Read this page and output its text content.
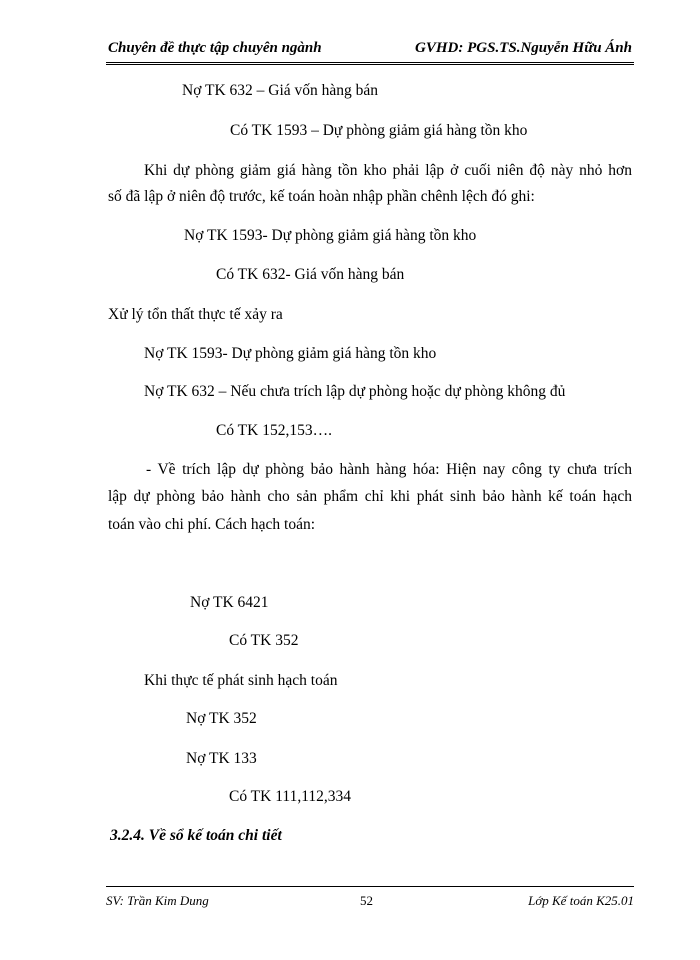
Chuyên đề thực tập chuyên ngành	GVHD: PGS.TS.Nguyễn Hữu Ánh
Nợ TK 632 – Giá vốn hàng bán
Có TK 1593 – Dự phòng giảm giá hàng tồn kho
Khi dự phòng giảm giá hàng tồn kho phải lập ở cuối niên độ này nhỏ hơn
số đã lập ở niên độ trước, kế toán hoàn nhập phần chênh lệch đó ghi:
Nợ TK 1593- Dự phòng giảm giá hàng tồn kho
Có TK 632- Giá vốn hàng bán
Xử lý tổn thất thực tế xảy ra
Nợ TK 1593- Dự phòng giảm giá hàng tồn kho
Nợ TK 632 – Nếu chưa trích lập dự phòng hoặc dự phòng không đủ
Có TK 152,153….
- Về trích lập dự phòng bảo hành hàng hóa: Hiện nay công ty chưa trích
lập dự phòng bảo hành cho sản phẩm chỉ khi phát sinh bảo hành kế toán hạch
toán vào chi phí. Cách hạch toán:
Nợ TK 6421
Có TK 352
Khi thực tế phát sinh hạch toán
Nợ TK 352
Nợ TK 133
Có TK 111,112,334
3.2.4. Về sổ kế toán chi tiết
SV: Trần Kim Dung	52	Lớp Kế toán K25.01
